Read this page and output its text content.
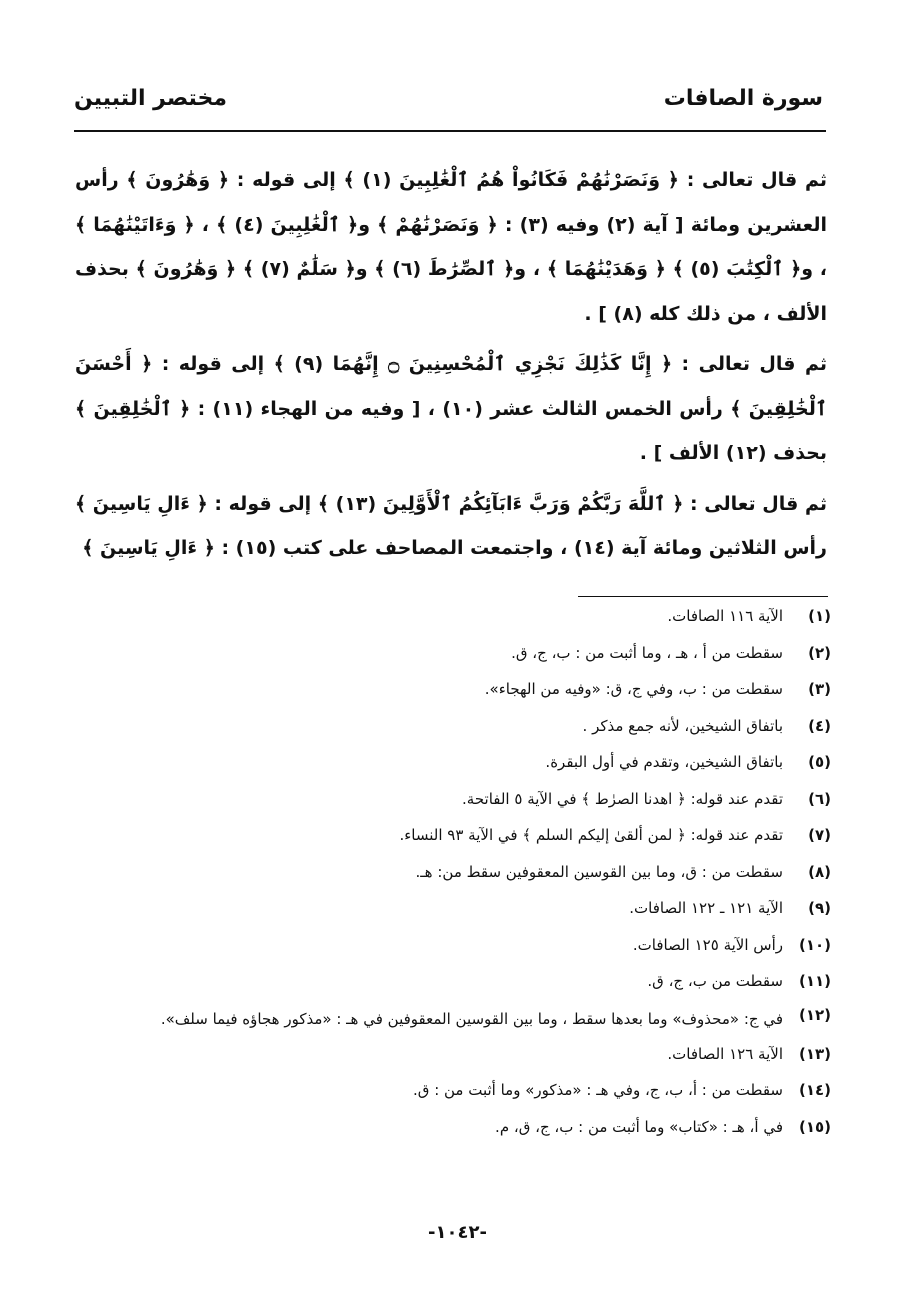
سورة الصافات
مختصر التبيين

ثم قال تعالى : ﴿ وَنَصَرْنَٰهُمْ فَكَانُواْ هُمُ ٱلْغَٰلِبِينَ (١) ﴾ إلى قوله : ﴿ وَهَٰرُونَ ﴾ رأس العشرين ومائة [ آية (٢) وفيه (٣) : ﴿ وَنَصَرْنَٰهُمْ ﴾ و﴿ ٱلْغَٰلِبِينَ (٤) ﴾ ، ﴿ وَءَاتَيْنَٰهُمَا ﴾ ، و﴿ ٱلْكِتَٰبَ (٥) ﴾ ﴿ وَهَدَيْنَٰهُمَا ﴾ ، و﴿ ٱلصِّرَٰطَ (٦) ﴾ و﴿ سَلَٰمٌ (٧) ﴾ ﴿ وَهَٰرُونَ ﴾ بحذف الألف ، من ذلك كله (٨) ] .

ثم قال تعالى : ﴿ إِنَّا كَذَٰلِكَ نَجْزِي ٱلْمُحْسِنِينَ ۝ إِنَّهُمَا (٩) ﴾ إلى قوله : ﴿ أَحْسَنَ ٱلْخَٰلِقِينَ ﴾ رأس الخمس الثالث عشر (١٠) ، [ وفيه من الهجاء (١١) : ﴿ ٱلْخَٰلِقِينَ ﴾ بحذف (١٢) الألف ] .

ثم قال تعالى : ﴿ ٱللَّهَ رَبَّكُمْ وَرَبَّ ءَابَآئِكُمُ ٱلْأَوَّلِينَ (١٣) ﴾ إلى قوله : ﴿ ءَالِ يَاسِينَ ﴾ رأس الثلاثين ومائة آية (١٤) ، واجتمعت المصاحف على كتب (١٥) : ﴿ ءَالِ يَاسِينَ ﴾

(١)
الآية ١١٦ الصافات.
(٢)
سقطت من أ ، هـ ، وما أثبت من : ب، ج، ق.
(٣)
سقطت من : ب، وفي ج، ق: «وفيه من الهجاء».
(٤)
باتفاق الشيخين، لأنه جمع مذكر .
(٥)
باتفاق الشيخين، وتقدم في أول البقرة.
(٦)
تقدم عند قوله: ﴿ اهدنا الصرٰط ﴾ في الآية ٥ الفاتحة.
(٧)
تقدم عند قوله: ﴿ لمن ألقىٰ إليكم السلم ﴾ في الآية ٩٣ النساء.
(٨)
سقطت من : ق، وما بين القوسين المعقوفين سقط من: هـ.
(٩)
الآية ١٢١ ـ ١٢٢ الصافات.
(١٠)
رأس الآية ١٢٥ الصافات.
(١١)
سقطت من ب، ج، ق.
(١٢)
في ج: «محذوف» وما بعدها سقط ، وما بين القوسين المعقوفين في هـ : «مذكور هجاؤه فيما سلف».
(١٣)
الآية ١٢٦ الصافات.
(١٤)
سقطت من : أ، ب، ج، وفي هـ : «مذكور» وما أثبت من : ق.
(١٥)
في أ، هـ : «كتاب» وما أثبت من : ب، ج، ق، م.
-١٠٤٢-
